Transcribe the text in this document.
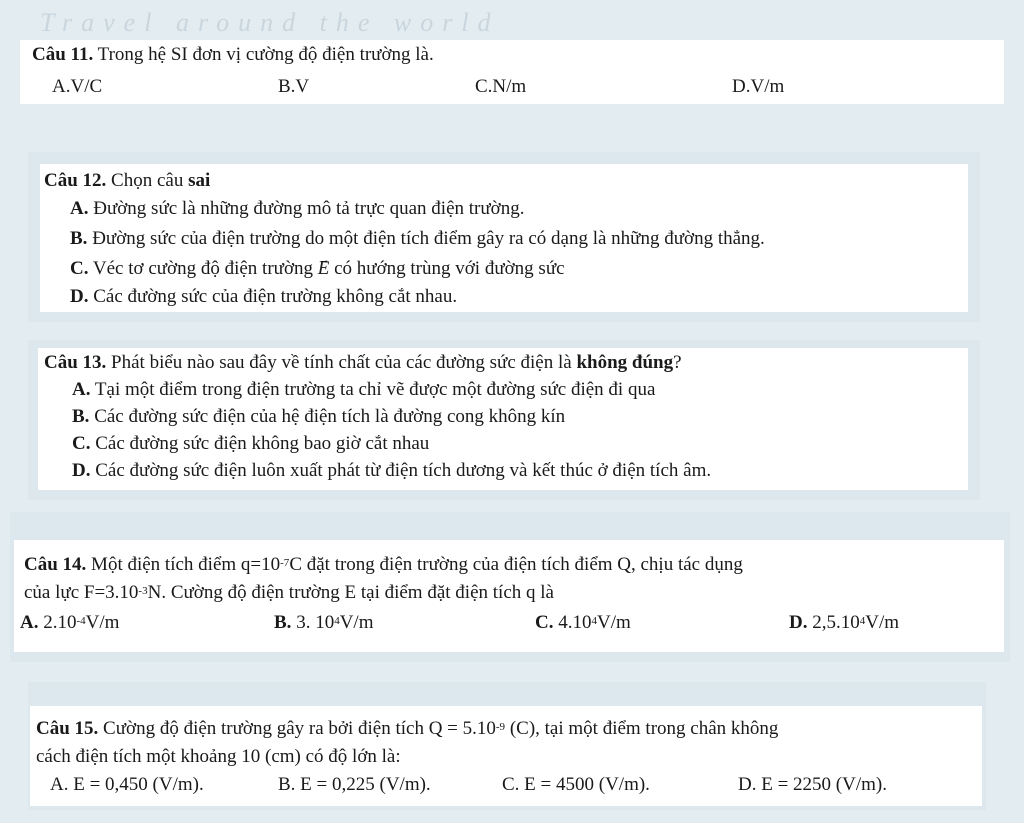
Travel around the world
Câu 11. Trong hệ SI đơn vị cường độ điện trường là.
A.V/C	B.V	C.N/m	D.V/m
Câu 12. Chọn câu sai
A. Đường sức là những đường mô tả trực quan điện trường.
B. Đường sức của điện trường do một điện tích điểm gây ra có dạng là những đường thẳng.
C. Véc tơ cường độ điện trường → E có hướng trùng với đường sức
D. Các đường sức của điện trường không cắt nhau.
Câu 13. Phát biểu nào sau đây về tính chất của các đường sức điện là không đúng?
A. Tại một điểm trong điện trường ta chỉ vẽ được một đường sức điện đi qua
B. Các đường sức điện của hệ điện tích là đường cong không kín
C. Các đường sức điện không bao giờ cắt nhau
D. Các đường sức điện luôn xuất phát từ điện tích dương và kết thúc ở điện tích âm.
Câu 14. Một điện tích điểm $q=10^{-7}C$ đặt trong điện trường của điện tích điểm Q, chịu tác dụng
của lực $F=3.10^{-3}N$. Cường độ điện trường E tại điểm đặt điện tích q là
A. $2.10^{-4}V/m$	B. 3. $10^4V/m$	C. 4.10$^4$V/m	D. 2,5.10$^4$V/m
Câu 15. Cường độ điện trường gây ra bởi điện tích $Q = 5.10^{-9}$ (C), tại một điểm trong chân không
cách điện tích một khoảng 10 (cm) có độ lớn là:
A. E = 0,450 (V/m).	B. E = 0,225 (V/m).	C. E = 4500 (V/m).	D. E = 2250 (V/m).
